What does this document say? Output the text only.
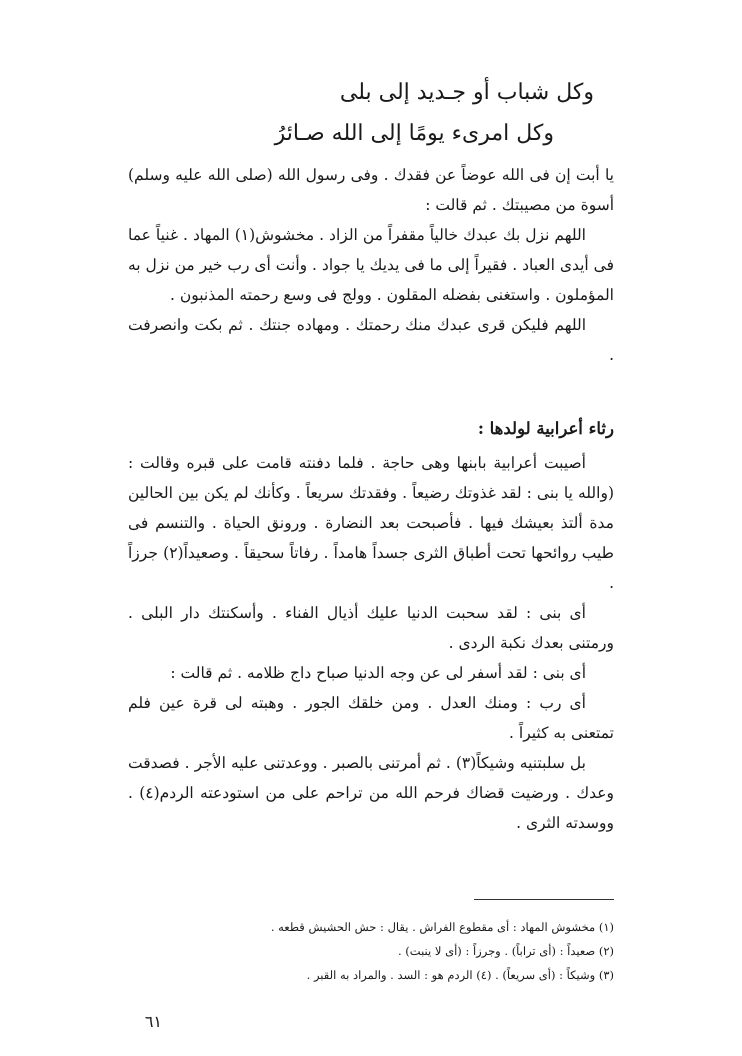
وكل شباب أو جـديد إلى بلى
وكل امرىء يومًا إلى الله صـائرُ

يا أبت إن فى الله عوضاً عن فقدك . وفى رسول الله (صلى الله عليه وسلم) أسوة من مصيبتك . ثم قالت :

اللهم نزل بك عبدك خالياً مقفراً من الزاد . مخشوش(١) المهاد . غنياً عما فى أيدى العباد . فقيراً إلى ما فى يديك يا جواد . وأنت أى رب خير من نزل به المؤملون . واستغنى بفضله المقلون . وولج فى وسع رحمته المذنبون .

اللهم فليكن قرى عبدك منك رحمتك . ومهاده جنتك . ثم بكت وانصرفت .

رثاء أعرابية لولدها :

أصيبت أعرابية بابنها وهى حاجة . فلما دفنته قامت على قبره وقالت : (والله يا بنى : لقد غذوتك رضيعاً . وفقدتك سريعاً . وكأنك لم يكن بين الحالين مدة ألتذ بعيشك فيها . فأصبحت بعد النضارة . ورونق الحياة . والتنسم فى طيب روائحها تحت أطباق الثرى جسداً هامداً . رفاتاً سحيقاً . وصعيداً(٢) جرزاً .

أى بنى : لقد سحبت الدنيا عليك أذيال الفناء . وأسكنتك دار البلى . ورمتنى بعدك نكبة الردى .

أى بنى : لقد أسفر لى عن وجه الدنيا صباح داج ظلامه . ثم قالت :

أى رب : ومنك العدل . ومن خلقك الجور . وهبته لى قرة عين فلم تمتعنى به كثيراً .

بل سلبتنيه وشيكاً(٣) . ثم أمرتنى بالصبر . ووعدتنى عليه الأجر . فصدقت وعدك . ورضيت قضاك فرحم الله من تراحم على من استودعته الردم(٤) . ووسدته الثرى .

(١) مخشوش المهاد : أى مقطوع الفراش . يقال : حش الحشيش قطعه .
(٢) صعيداً : (أى تراباً) . وجرزاً : (أى لا ينبت) .
(٣) وشيكاً : (أى سريعاً) . (٤) الردم هو : السد . والمراد به القبر .
٦١
